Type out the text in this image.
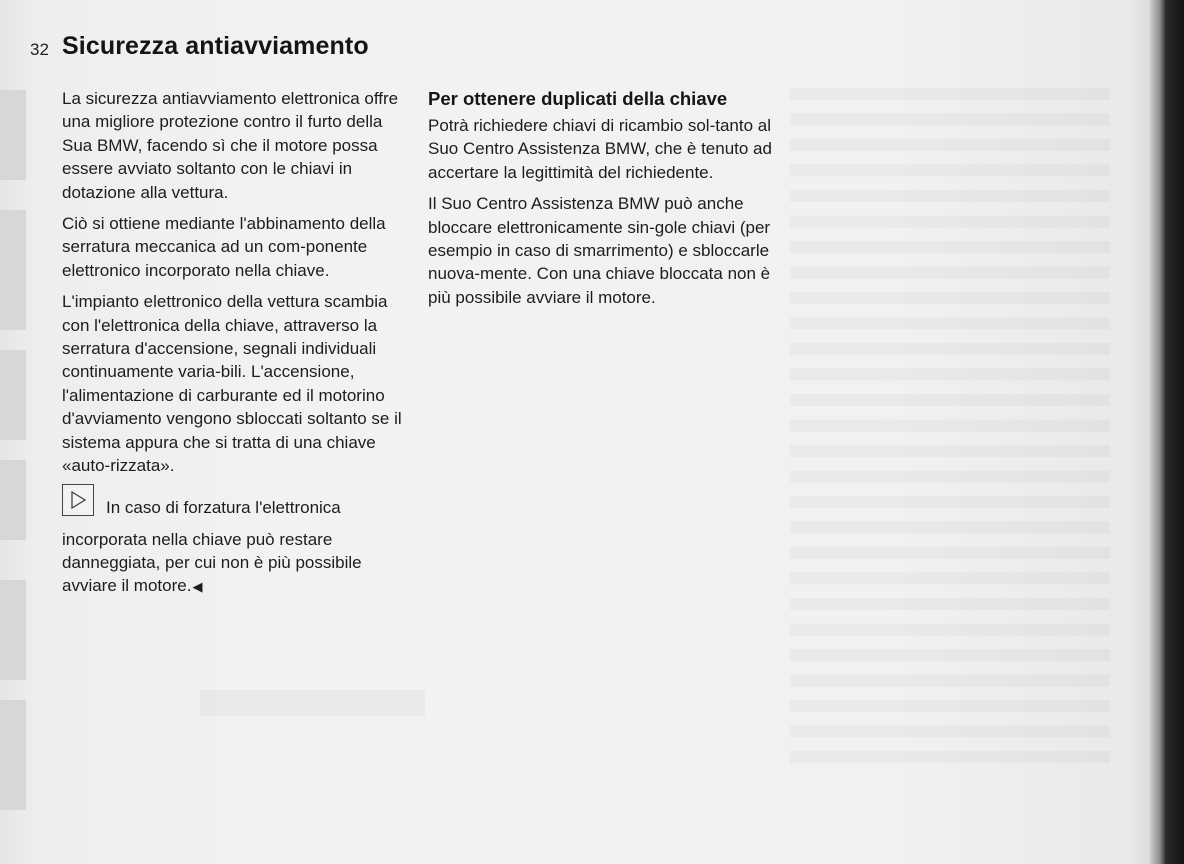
32 Sicurezza antiavviamento

La sicurezza antiavviamento elettronica offre una migliore protezione contro il furto della Sua BMW, facendo sì che il motore possa essere avviato soltanto con le chiavi in dotazione alla vettura.

Ciò si ottiene mediante l'abbinamento della serratura meccanica ad un com-ponente elettronico incorporato nella chiave.

L'impianto elettronico della vettura scambia con l'elettronica della chiave, attraverso la serratura d'accensione, segnali individuali continuamente varia-bili. L'accensione, l'alimentazione di carburante ed il motorino d'avviamento vengono sbloccati soltanto se il sistema appura che si tratta di una chiave «auto-rizzata».

In caso di forzatura l'elettronica incorporata nella chiave può restare danneggiata, per cui non è più possibile avviare il motore.◀

Per ottenere duplicati della chiave

Potrà richiedere chiavi di ricambio sol-tanto al Suo Centro Assistenza BMW, che è tenuto ad accertare la legittimità del richiedente.

Il Suo Centro Assistenza BMW può anche bloccare elettronicamente sin-gole chiavi (per esempio in caso di smarrimento) e sbloccarle nuova-mente. Con una chiave bloccata non è più possibile avviare il motore.
